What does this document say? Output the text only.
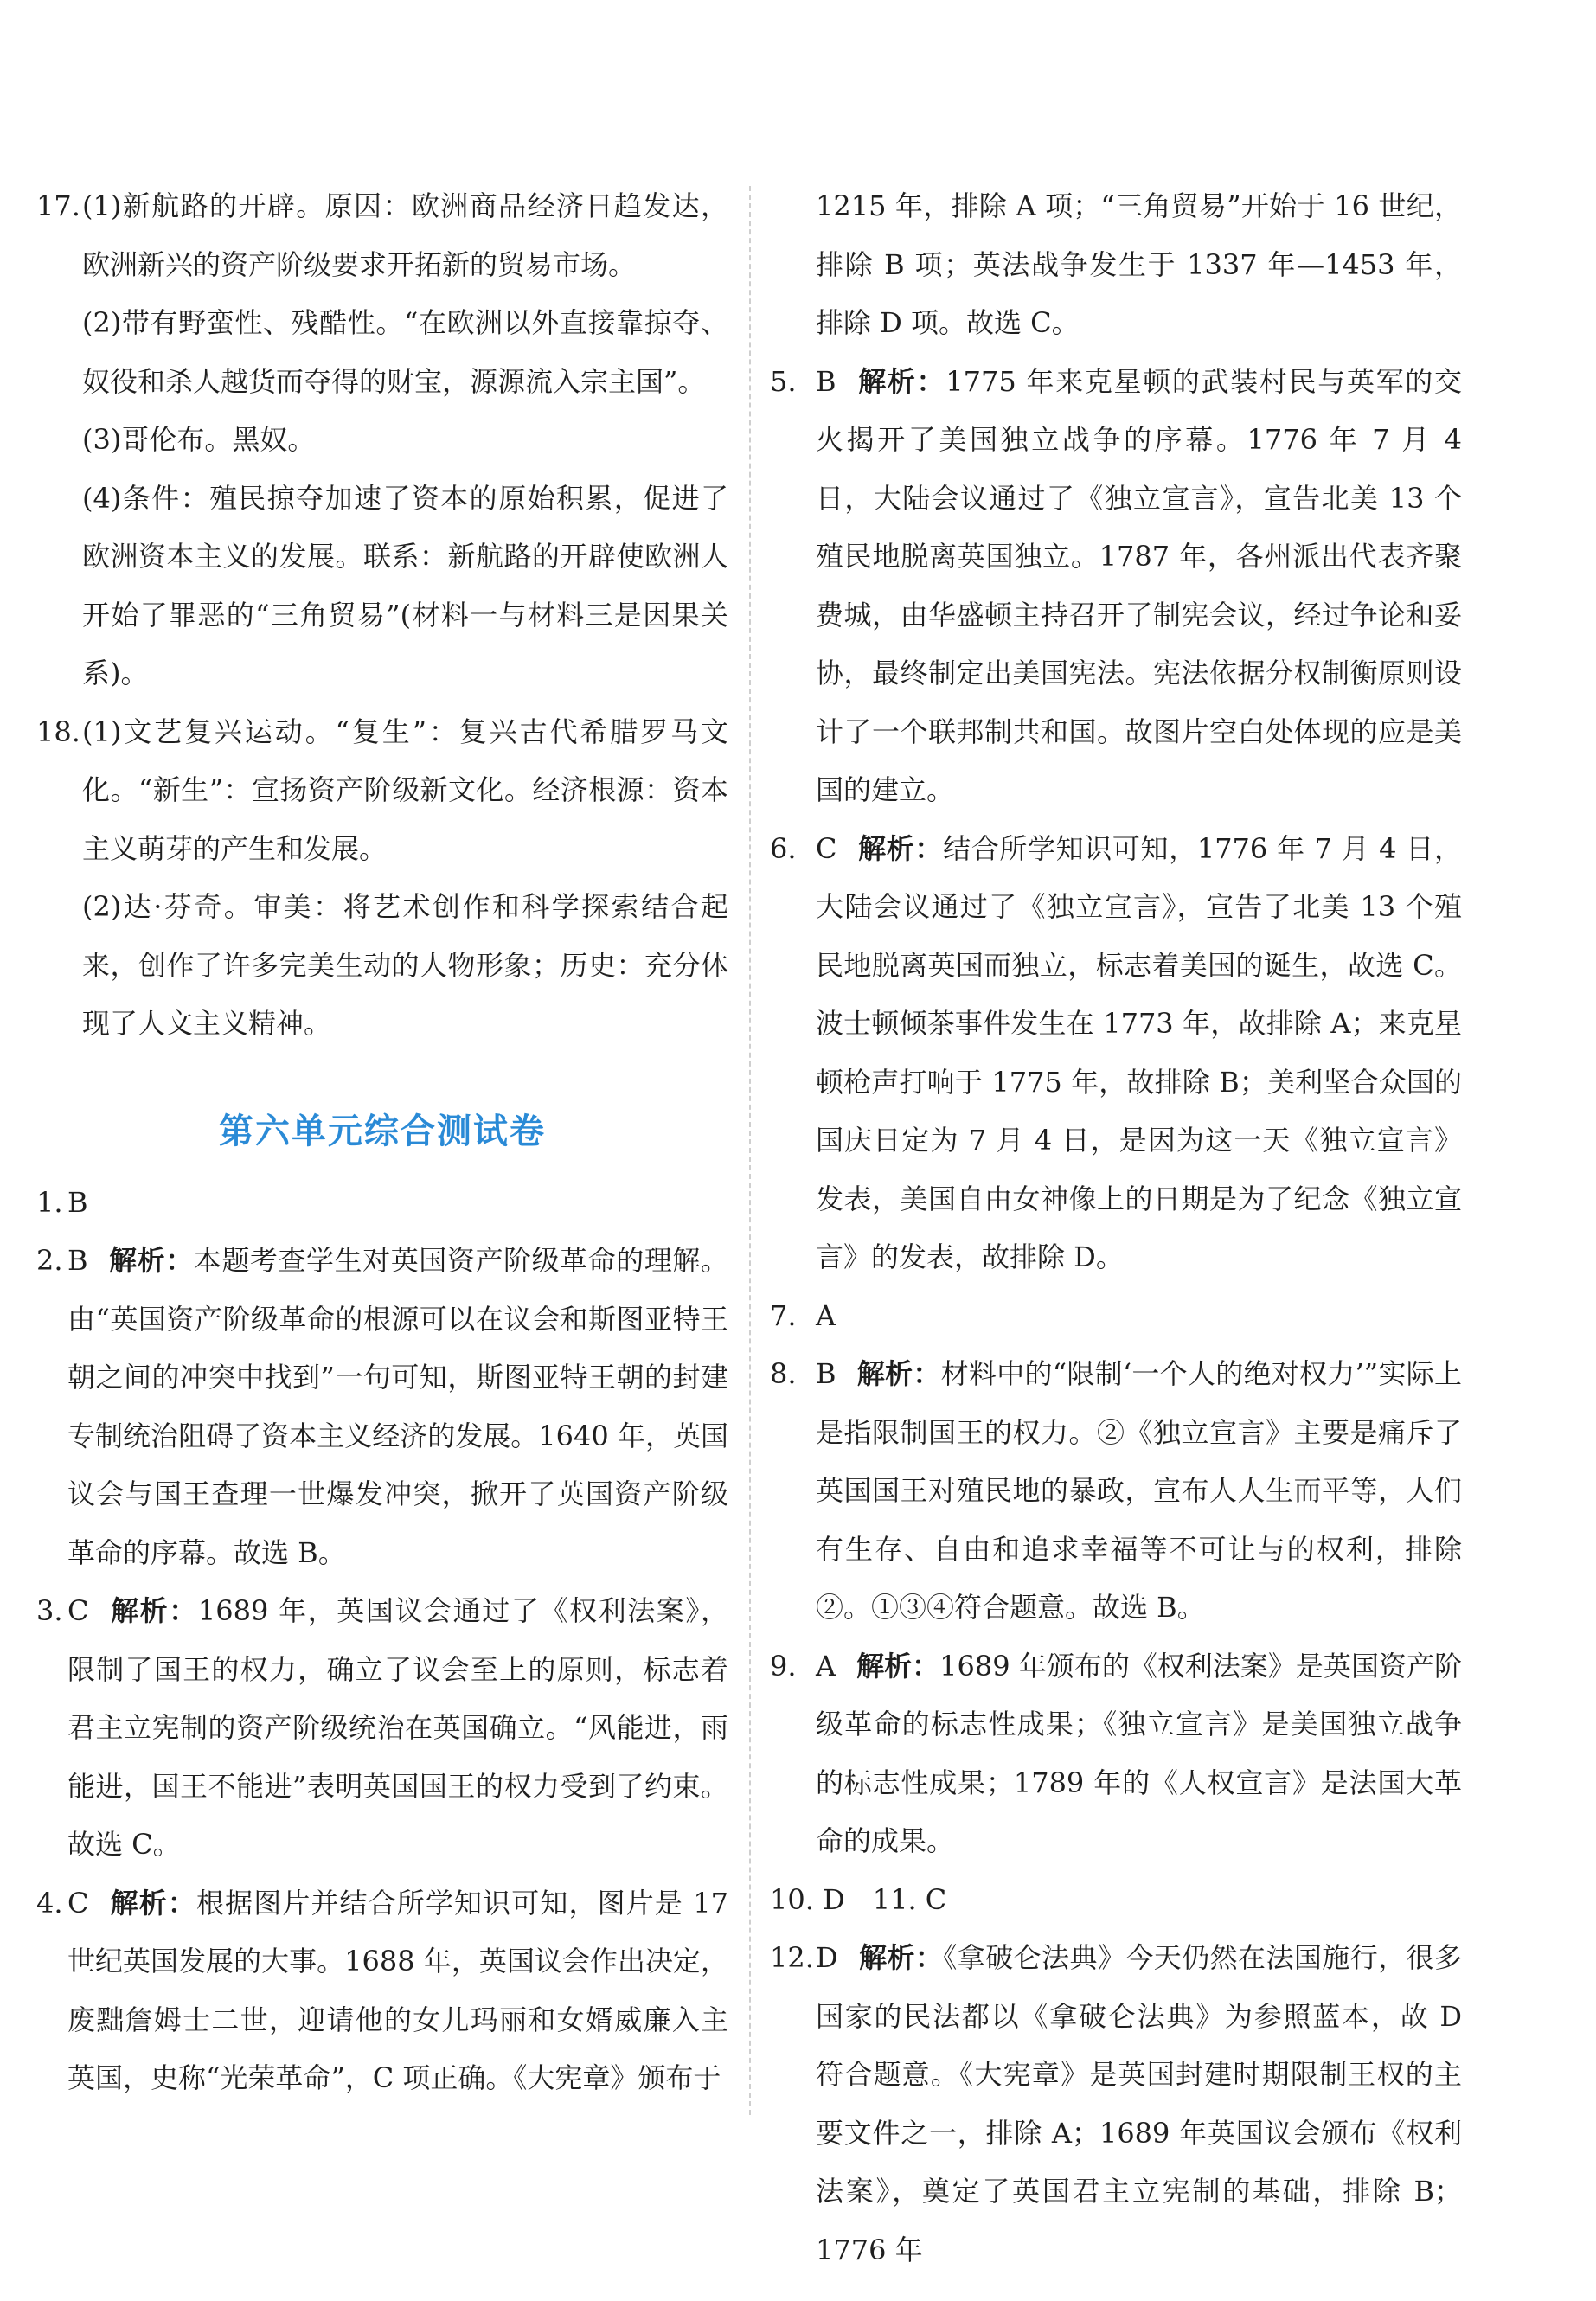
17. (1)新航路的开辟。原因：欧洲商品经济日趋发达，欧洲新兴的资产阶级要求开拓新的贸易市场。

(2)带有野蛮性、残酷性。“在欧洲以外直接靠掠夺、奴役和杀人越货而夺得的财宝，源源流入宗主国”。

(3)哥伦布。黑奴。

(4)条件：殖民掠夺加速了资本的原始积累，促进了欧洲资本主义的发展。联系：新航路的开辟使欧洲人开始了罪恶的“三角贸易”(材料一与材料三是因果关系)。

18. (1)文艺复兴运动。“复生”：复兴古代希腊罗马文化。“新生”：宣扬资产阶级新文化。经济根源：资本主义萌芽的产生和发展。

(2)达·芬奇。审美：将艺术创作和科学探索结合起来，创作了许多完美生动的人物形象；历史：充分体现了人文主义精神。

第六单元综合测试卷
1. B

2. B 解析：本题考查学生对英国资产阶级革命的理解。由“英国资产阶级革命的根源可以在议会和斯图亚特王朝之间的冲突中找到”一句可知，斯图亚特王朝的封建专制统治阻碍了资本主义经济的发展。1640 年，英国议会与国王查理一世爆发冲突，掀开了英国资产阶级革命的序幕。故选 B。

3. C 解析：1689 年，英国议会通过了《权利法案》，限制了国王的权力，确立了议会至上的原则，标志着君主立宪制的资产阶级统治在英国确立。“风能进，雨能进，国王不能进”表明英国国王的权力受到了约束。故选 C。

4. C 解析：根据图片并结合所学知识可知，图片是 17 世纪英国发展的大事。1688 年，英国议会作出决定，废黜詹姆士二世，迎请他的女儿玛丽和女婿威廉入主英国，史称“光荣革命”，C 项正确。《大宪章》颁布于

1215 年，排除 A 项；“三角贸易”开始于 16 世纪，排除 B 项；英法战争发生于 1337 年—1453 年，排除 D 项。故选 C。

5. B 解析：1775 年来克星顿的武装村民与英军的交火揭开了美国独立战争的序幕。1776 年 7 月 4 日，大陆会议通过了《独立宣言》，宣告北美 13 个殖民地脱离英国独立。1787 年，各州派出代表齐聚费城，由华盛顿主持召开了制宪会议，经过争论和妥协，最终制定出美国宪法。宪法依据分权制衡原则设计了一个联邦制共和国。故图片空白处体现的应是美国的建立。

6. C 解析：结合所学知识可知，1776 年 7 月 4 日，大陆会议通过了《独立宣言》，宣告了北美 13 个殖民地脱离英国而独立，标志着美国的诞生，故选 C。波士顿倾茶事件发生在 1773 年，故排除 A；来克星顿枪声打响于 1775 年，故排除 B；美利坚合众国的国庆日定为 7 月 4 日，是因为这一天《独立宣言》发表，美国自由女神像上的日期是为了纪念《独立宣言》的发表，故排除 D。

7. A

8. B 解析：材料中的“限制‘一个人的绝对权力’”实际上是指限制国王的权力。②《独立宣言》主要是痛斥了英国国王对殖民地的暴政，宣布人人生而平等，人们有生存、自由和追求幸福等不可让与的权利，排除②。①③④符合题意。故选 B。

9. A 解析：1689 年颁布的《权利法案》是英国资产阶级革命的标志性成果；《独立宣言》是美国独立战争的标志性成果；1789 年的《人权宣言》是法国大革命的成果。

10. D　11. C

12. D 解析：《拿破仑法典》今天仍然在法国施行，很多国家的民法都以《拿破仑法典》为参照蓝本，故 D 符合题意。《大宪章》是英国封建时期限制王权的主要文件之一，排除 A；1689 年英国议会颁布《权利法案》，奠定了英国君主立宪制的基础，排除 B；1776 年
